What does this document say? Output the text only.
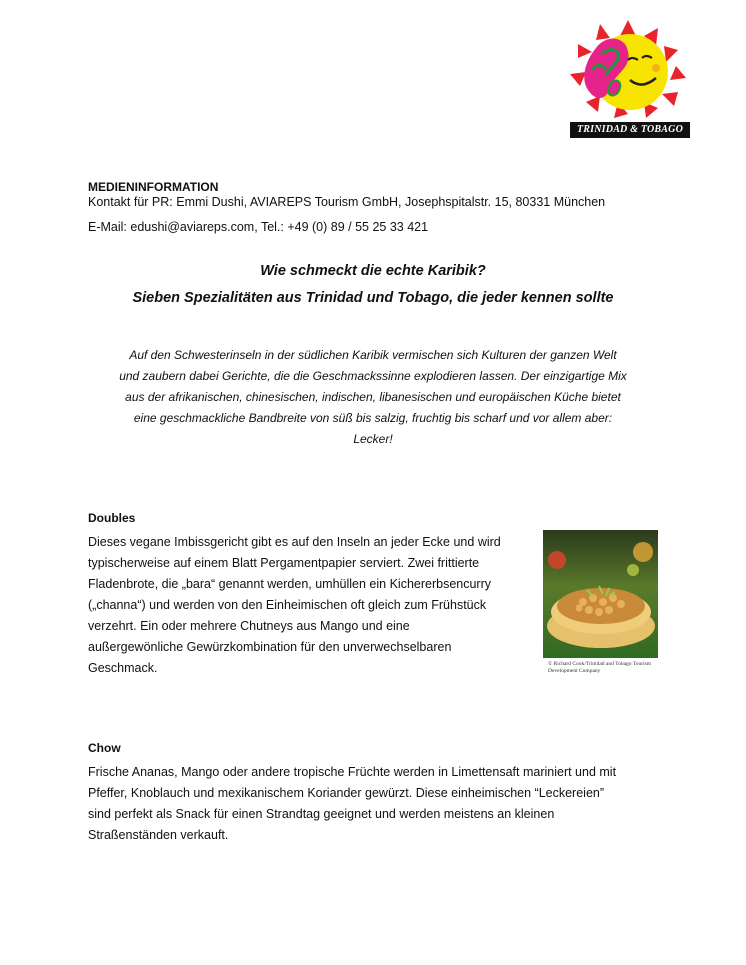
TRINIDAD & TOBAGO
MEDIENINFORMATION
Kontakt für PR: Emmi Dushi, AVIAREPS Tourism GmbH, Josephspitalstr. 15, 80331 München
E-Mail: edushi@aviareps.com, Tel.: +49 (0) 89 / 55 25 33 421
Wie schmeckt die echte Karibik?
Sieben Spezialitäten aus Trinidad und Tobago, die jeder kennen sollte
Auf den Schwesterinseln in der südlichen Karibik vermischen sich Kulturen der ganzen Welt
und zaubern dabei Gerichte, die die Geschmackssinne explodieren lassen. Der einzigartige Mix
aus der afrikanischen, chinesischen, indischen, libanesischen und europäischen Küche bietet
eine geschmackliche Bandbreite von süß bis salzig, fruchtig bis scharf und vor allem aber:
Lecker!
Doubles
Dieses vegane Imbissgericht gibt es auf den Inseln an jeder Ecke und wird
typischerweise auf einem Blatt Pergamentpapier serviert. Zwei frittierte
Fladenbrote, die „bara“ genannt werden, umhüllen ein Kichererbsencurry
(„channa“) und werden von den Einheimischen oft gleich zum Frühstück
verzehrt. Ein oder mehrere Chutneys aus Mango und eine
außergewönliche Gewürzkombination für den unverwechselbaren
Geschmack.	© Richard Cook/Trinidad and Tobago Tourism Development Company
Chow
Frische Ananas, Mango oder andere tropische Früchte werden in Limettensaft mariniert und mit
Pfeffer, Knoblauch und mexikanischem Koriander gewürzt. Diese einheimischen “Leckereien”
sind perfekt als Snack für einen Strandtag geeignet und werden meistens an kleinen
Straßenständen verkauft.
